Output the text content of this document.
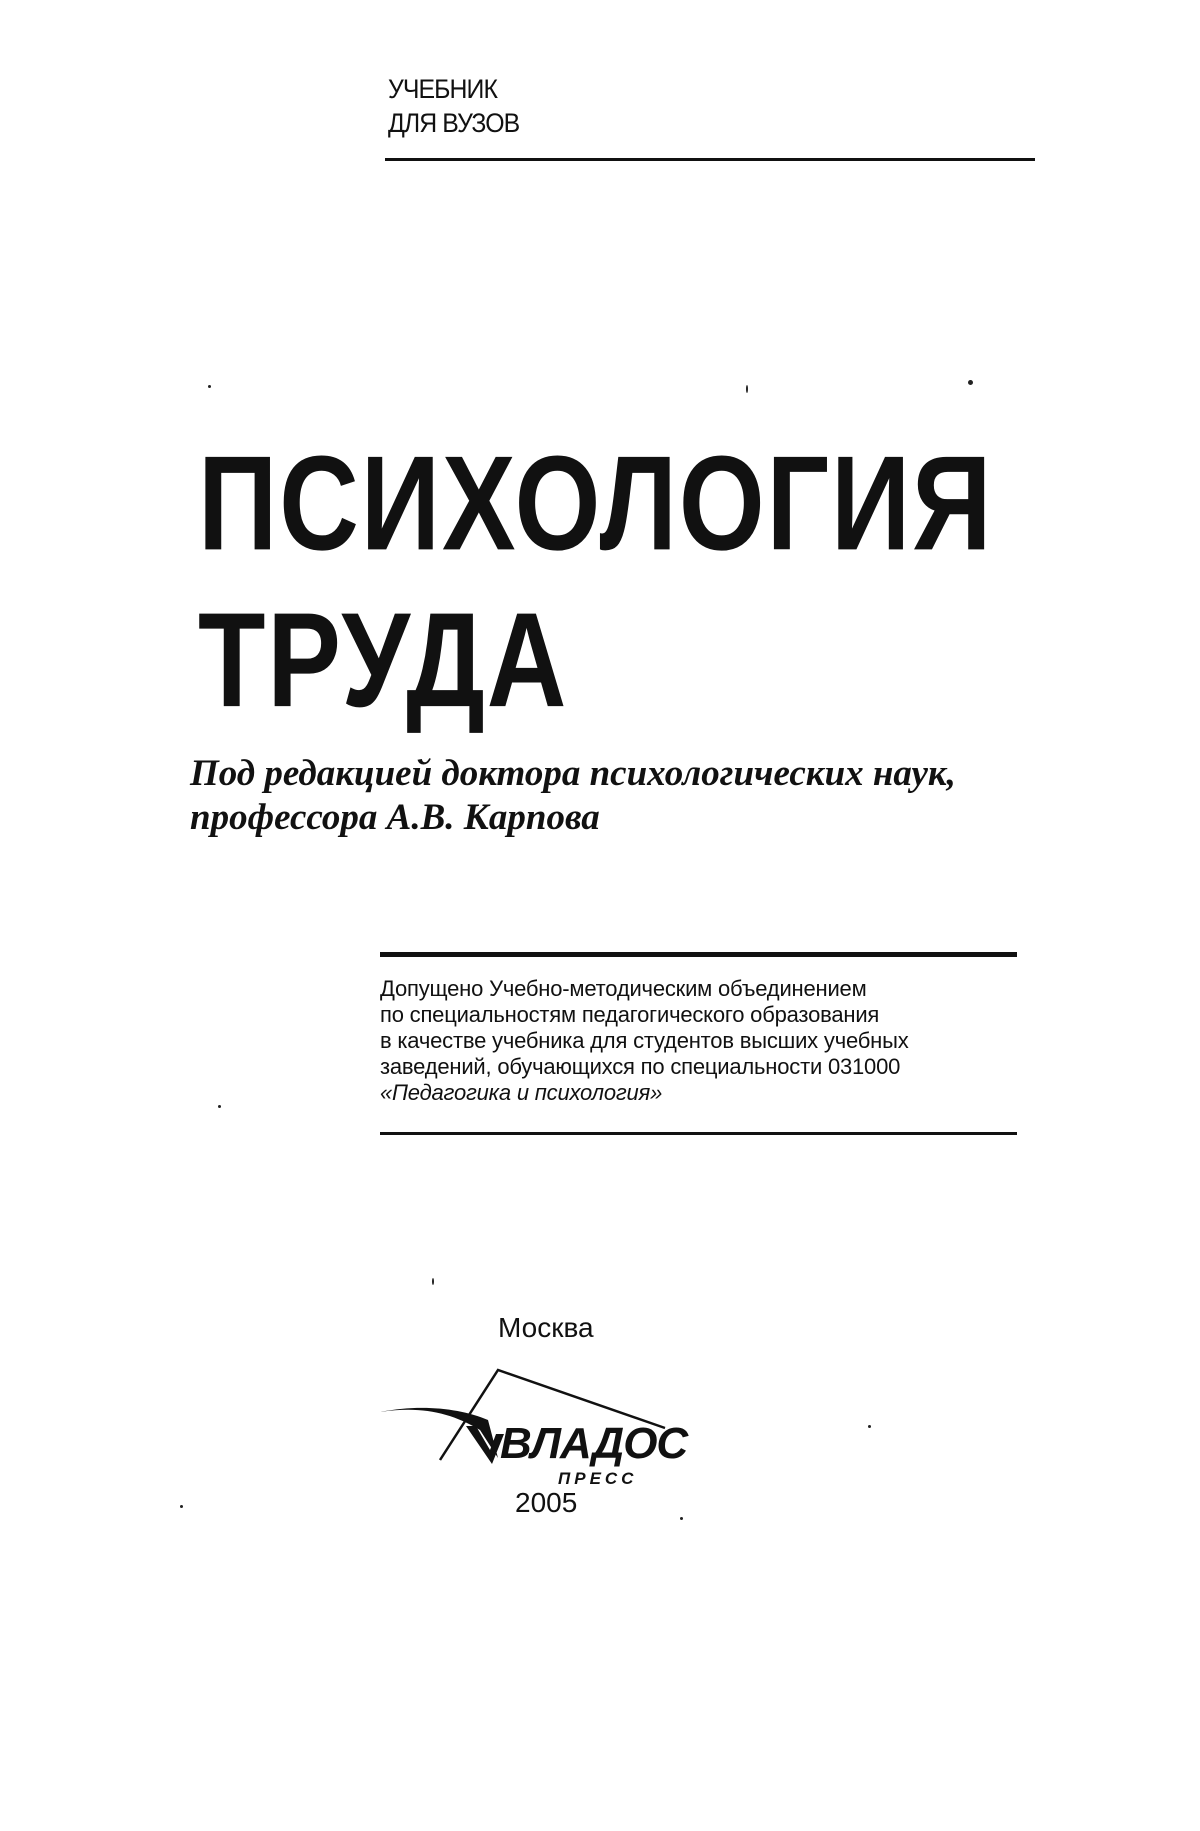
УЧЕБНИК
ДЛЯ ВУЗОВ
ПСИХОЛОГИЯ
ТРУДА
Под редакцией доктора психологических наук,
профессора А.В. Карпова
Допущено Учебно-методическим объединением
по специальностям педагогического образования
в качестве учебника для студентов высших учебных
заведений, обучающихся по специальности 031000
«Педагогика и психология»
Москва
ВЛАДОС
ПРЕСС
2005
